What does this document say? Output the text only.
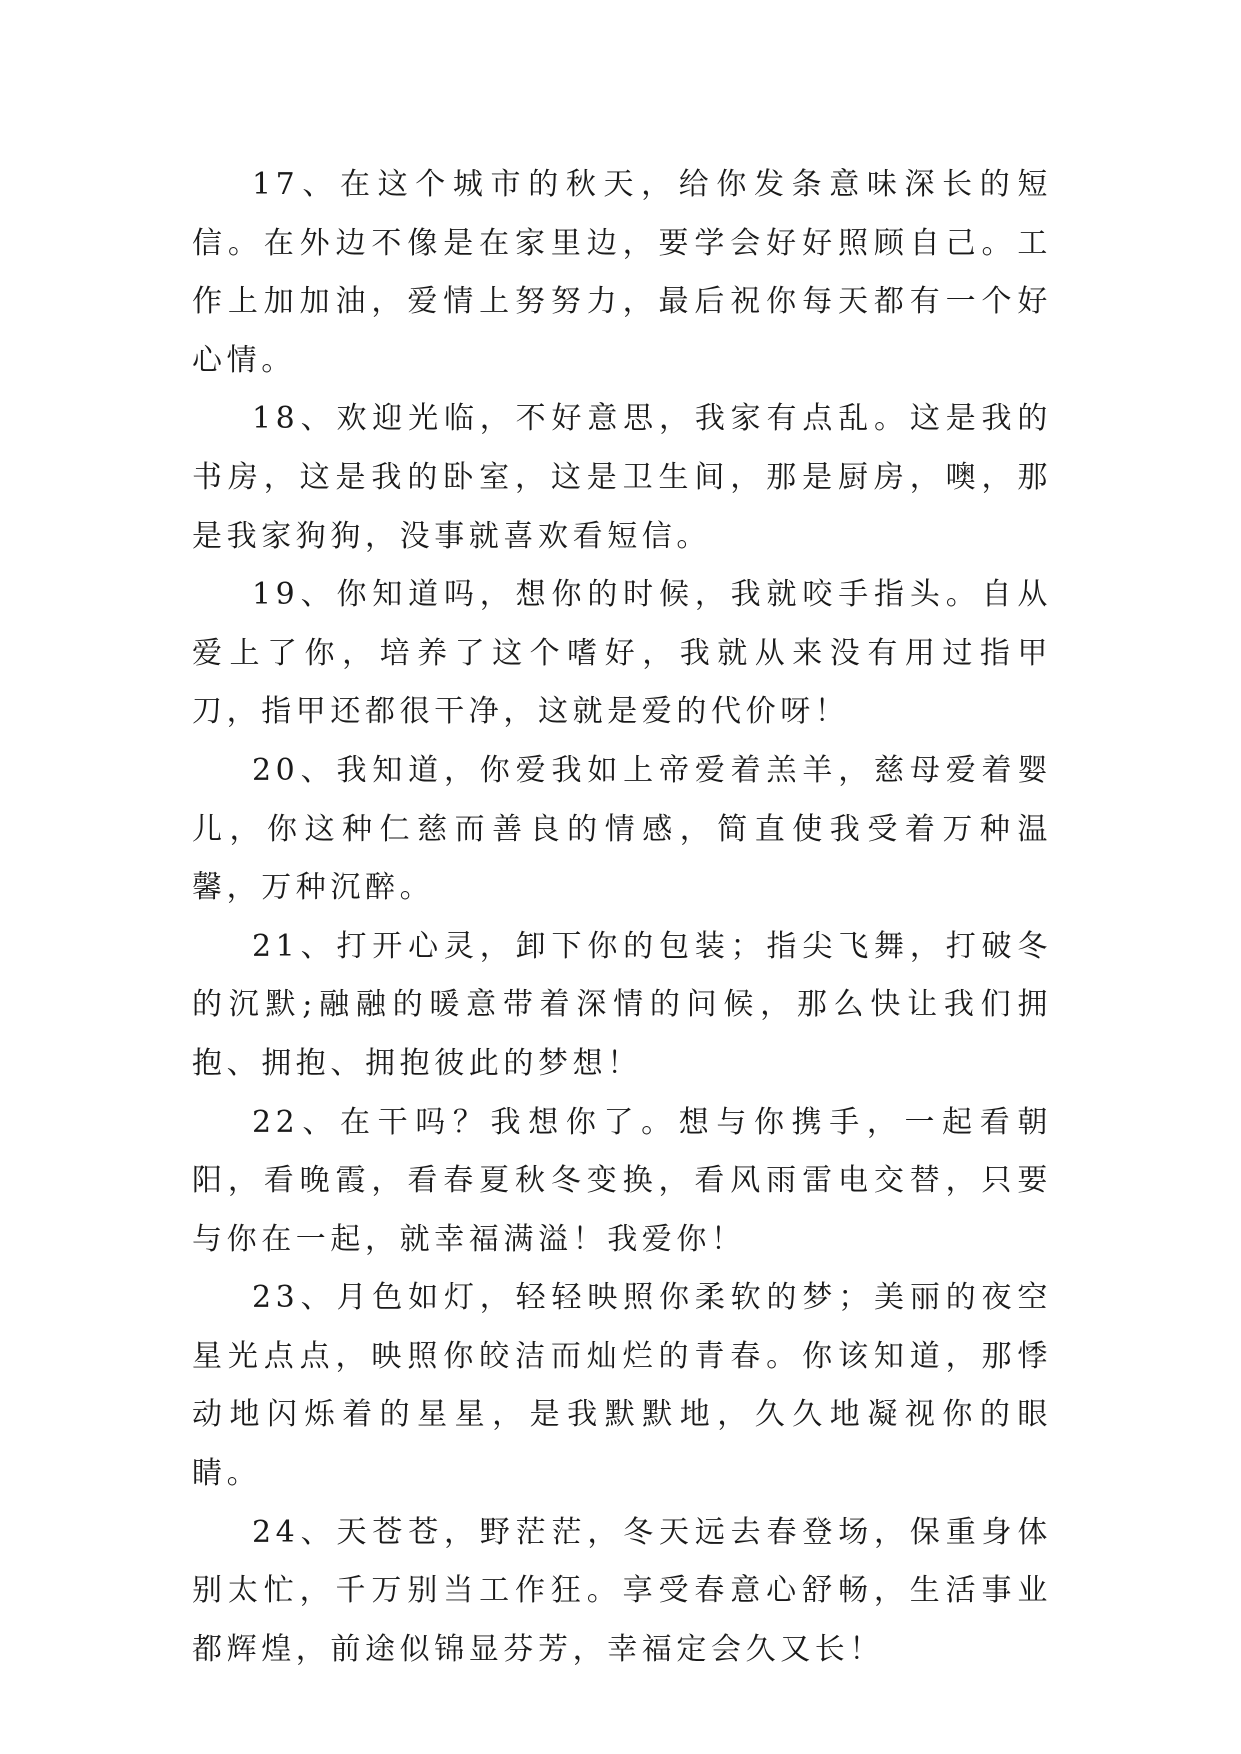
17、在这个城市的秋天，给你发条意味深长的短信。在外边不像是在家里边，要学会好好照顾自己。工作上加加油，爱情上努努力，最后祝你每天都有一个好心情。

18、欢迎光临，不好意思，我家有点乱。这是我的书房，这是我的卧室，这是卫生间，那是厨房，噢，那是我家狗狗，没事就喜欢看短信。

19、你知道吗，想你的时候，我就咬手指头。自从爱上了你，培养了这个嗜好，我就从来没有用过指甲刀，指甲还都很干净，这就是爱的代价呀！

20、我知道，你爱我如上帝爱着羔羊，慈母爱着婴儿，你这种仁慈而善良的情感，简直使我受着万种温馨，万种沉醉。

21、打开心灵，卸下你的包装；指尖飞舞，打破冬的沉默;融融的暖意带着深情的问候，那么快让我们拥抱、拥抱、拥抱彼此的梦想！

22、在干吗？我想你了。想与你携手，一起看朝阳，看晚霞，看春夏秋冬变换，看风雨雷电交替，只要与你在一起，就幸福满溢！我爱你！

23、月色如灯，轻轻映照你柔软的梦；美丽的夜空星光点点，映照你皎洁而灿烂的青春。你该知道，那悸动地闪烁着的星星，是我默默地，久久地凝视你的眼睛。

24、天苍苍，野茫茫，冬天远去春登场，保重身体别太忙，千万别当工作狂。享受春意心舒畅，生活事业都辉煌，前途似锦显芬芳，幸福定会久又长！
